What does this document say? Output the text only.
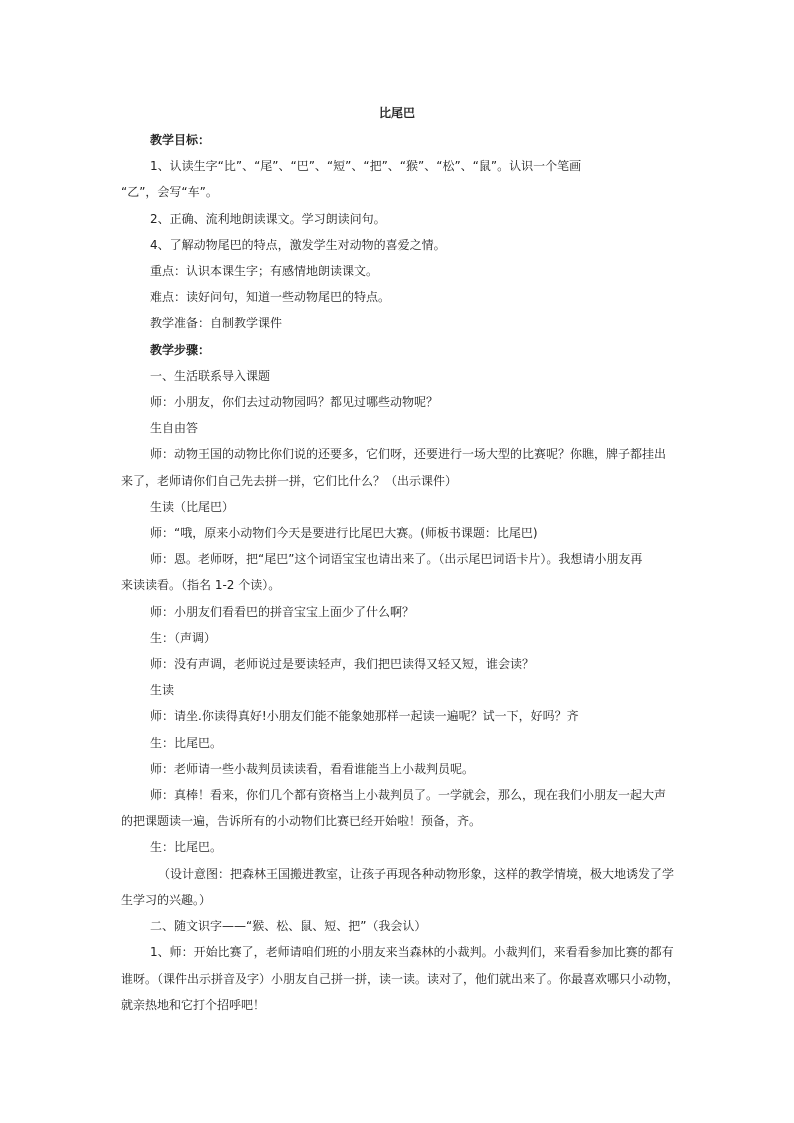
比尾巴

教学目标：

1、认读生字“比”、“尾”、“巴”、“短”、“把”、“猴”、“松”、“鼠”。认识一个笔画

“乙”，会写“车”。

2、正确、流利地朗读课文。学习朗读问句。

4、了解动物尾巴的特点，激发学生对动物的喜爱之情。

重点：认识本课生字；有感情地朗读课文。

难点：读好问句，知道一些动物尾巴的特点。

教学准备：自制教学课件

教学步骤：

一、生活联系导入课题

师：小朋友，你们去过动物园吗？都见过哪些动物呢？

生自由答

师：动物王国的动物比你们说的还要多，它们呀，还要进行一场大型的比赛呢？你瞧，牌子都挂出

来了，老师请你们自己先去拼一拼，它们比什么？（出示课件）

生读（比尾巴）

师：“哦，原来小动物们今天是要进行比尾巴大赛。(师板书课题：比尾巴)

师：恩。老师呀，把“尾巴”这个词语宝宝也请出来了。（出示尾巴词语卡片）。我想请小朋友再

来读读看。（指名 1-2 个读）。

师：小朋友们看看巴的拼音宝宝上面少了什么啊？

生：（声调）

师：没有声调，老师说过是要读轻声，我们把巴读得又轻又短，谁会读？

生读

师：请坐.你读得真好!小朋友们能不能象她那样一起读一遍呢？试一下，好吗？齐

生：比尾巴。

师：老师请一些小裁判员读读看，看看谁能当上小裁判员呢。

师：真棒！看来，你们几个都有资格当上小裁判员了。一学就会，那么，现在我们小朋友一起大声

的把课题读一遍，告诉所有的小动物们比赛已经开始啦！预备，齐。

生：比尾巴。

（设计意图：把森林王国搬进教室，让孩子再现各种动物形象，这样的教学情境，极大地诱发了学

生学习的兴趣。）

二、随文识字——“猴、松、鼠、短、把”（我会认）

1、师：开始比赛了，老师请咱们班的小朋友来当森林的小裁判。小裁判们，来看看参加比赛的都有

谁呀。（课件出示拼音及字）小朋友自己拼一拼，读一读。读对了，他们就出来了。你最喜欢哪只小动物，

就亲热地和它打个招呼吧！
